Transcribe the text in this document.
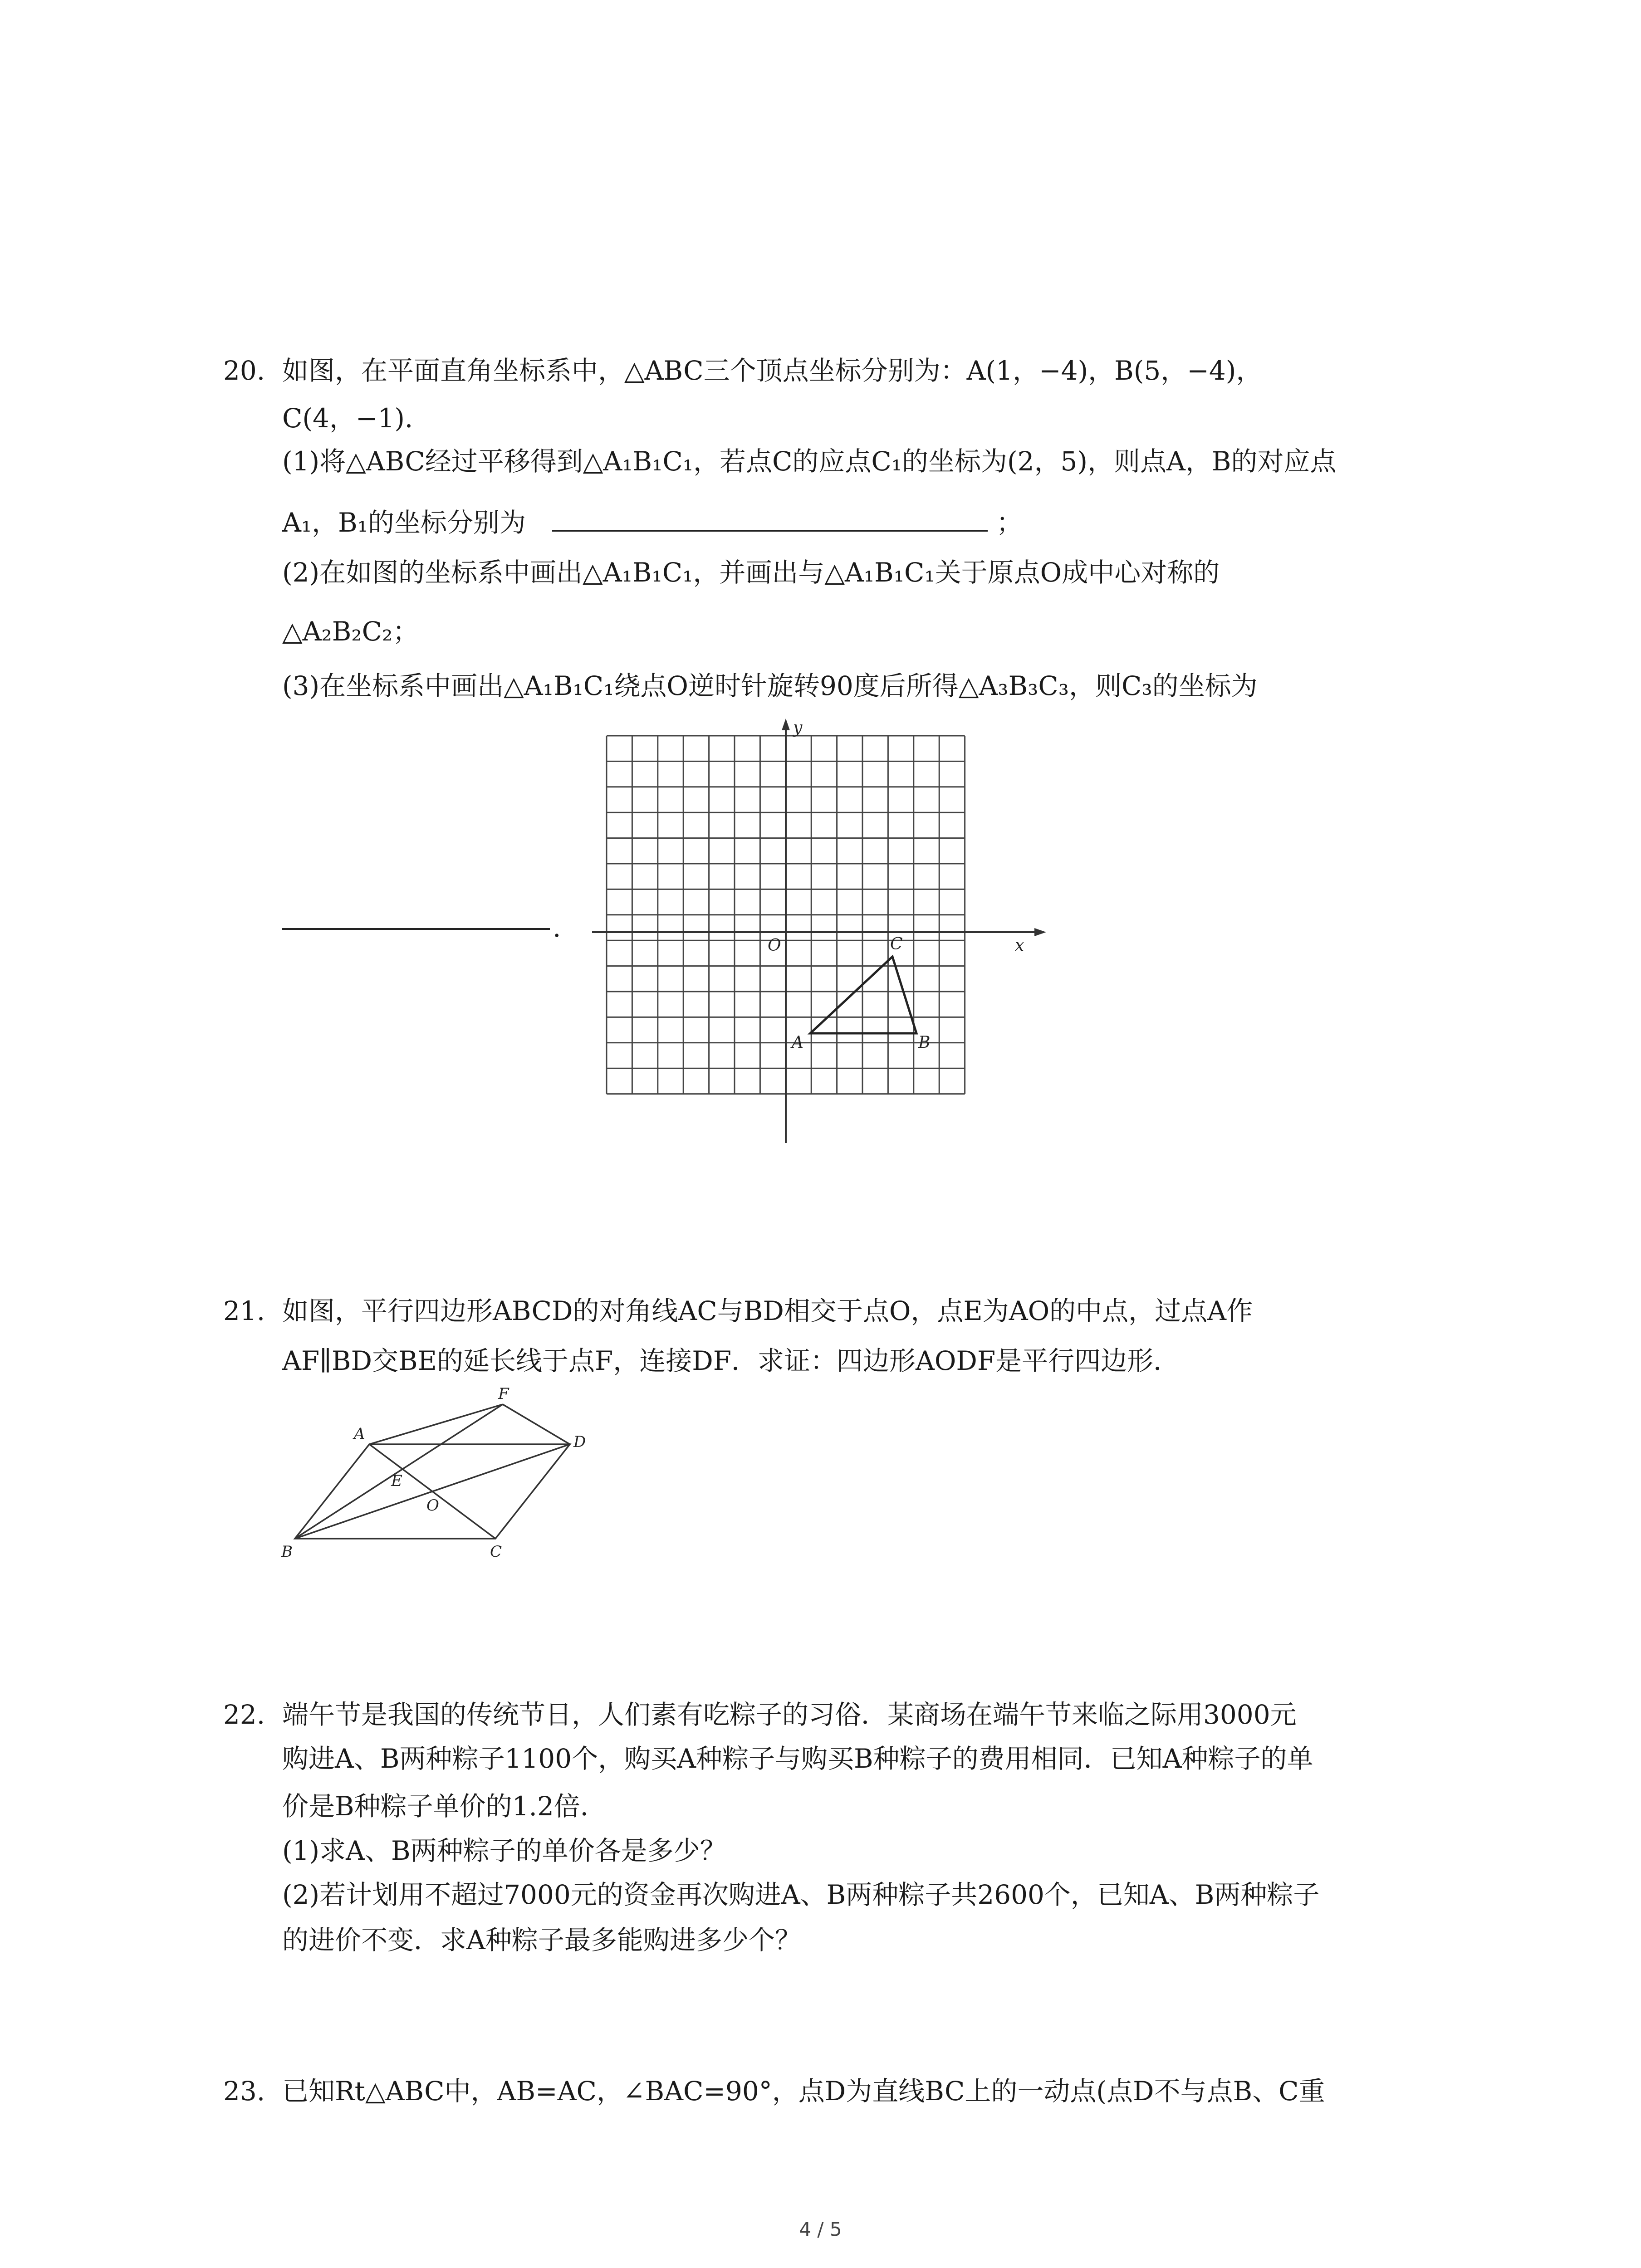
20. 如图，在平面直角坐标系中，△ABC三个顶点坐标分别为：A(1，−4)，B(5，−4)，
C(4，−1)．
(1)将△ABC经过平移得到△A₁B₁C₁，若点C的应点C₁的坐标为(2，5)，则点A，B的对应点
A₁，B₁的坐标分别为	；
(2)在如图的坐标系中画出△A₁B₁C₁，并画出与△A₁B₁C₁关于原点O成中心对称的
△A₂B₂C₂；
(3)在坐标系中画出△A₁B₁C₁绕点O逆时针旋转90度后所得△A₃B₃C₃，则C₃的坐标为
.
x
y
O
A	B
C
21. 如图，平行四边形ABCD的对角线AC与BD相交于点O，点E为AO的中点，过点A作
AF∥BD交BE的延长线于点F，连接DF．求证：四边形AODF是平行四边形．
A
B	C
D
E
F
O
22. 端午节是我国的传统节日，人们素有吃粽子的习俗．某商场在端午节来临之际用3000元
购进A、B两种粽子1100个，购买A种粽子与购买B种粽子的费用相同．已知A种粽子的单
价是B种粽子单价的1.2倍．
(1)求A、B两种粽子的单价各是多少？
(2)若计划用不超过7000元的资金再次购进A、B两种粽子共2600个，已知A、B两种粽子
的进价不变．求A种粽子最多能购进多少个？
23. 已知Rt△ABC中，AB=AC，∠BAC=90°，点D为直线BC上的一动点(点D不与点B、C重
4 / 5
